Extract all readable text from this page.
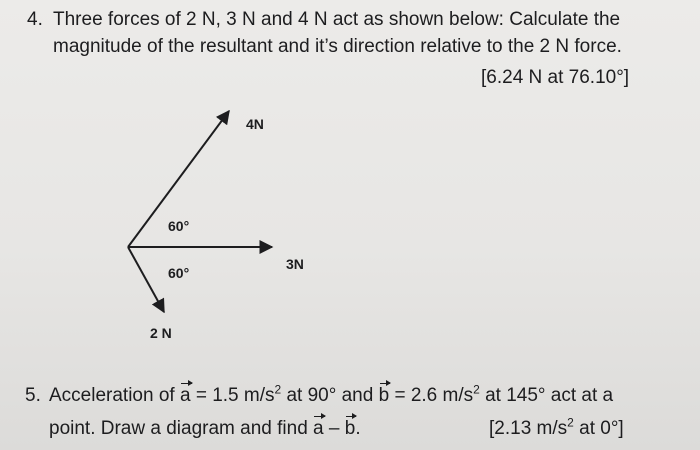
4. Three forces of 2 N, 3 N and 4 N act as shown below: Calculate the
magnitude of the resultant and it’s direction relative to the 2 N force.
[6.24 N at 76.10°]
4N
3N
2 N
60°
60°
5. Acceleration of a = 1.5 $m/s^2$ at 90° and b = 2.6 $m/s^2$ at 145° act at a
point. Draw a diagram and find a – b.	[2.13 $m/s^2$ at 0°]
